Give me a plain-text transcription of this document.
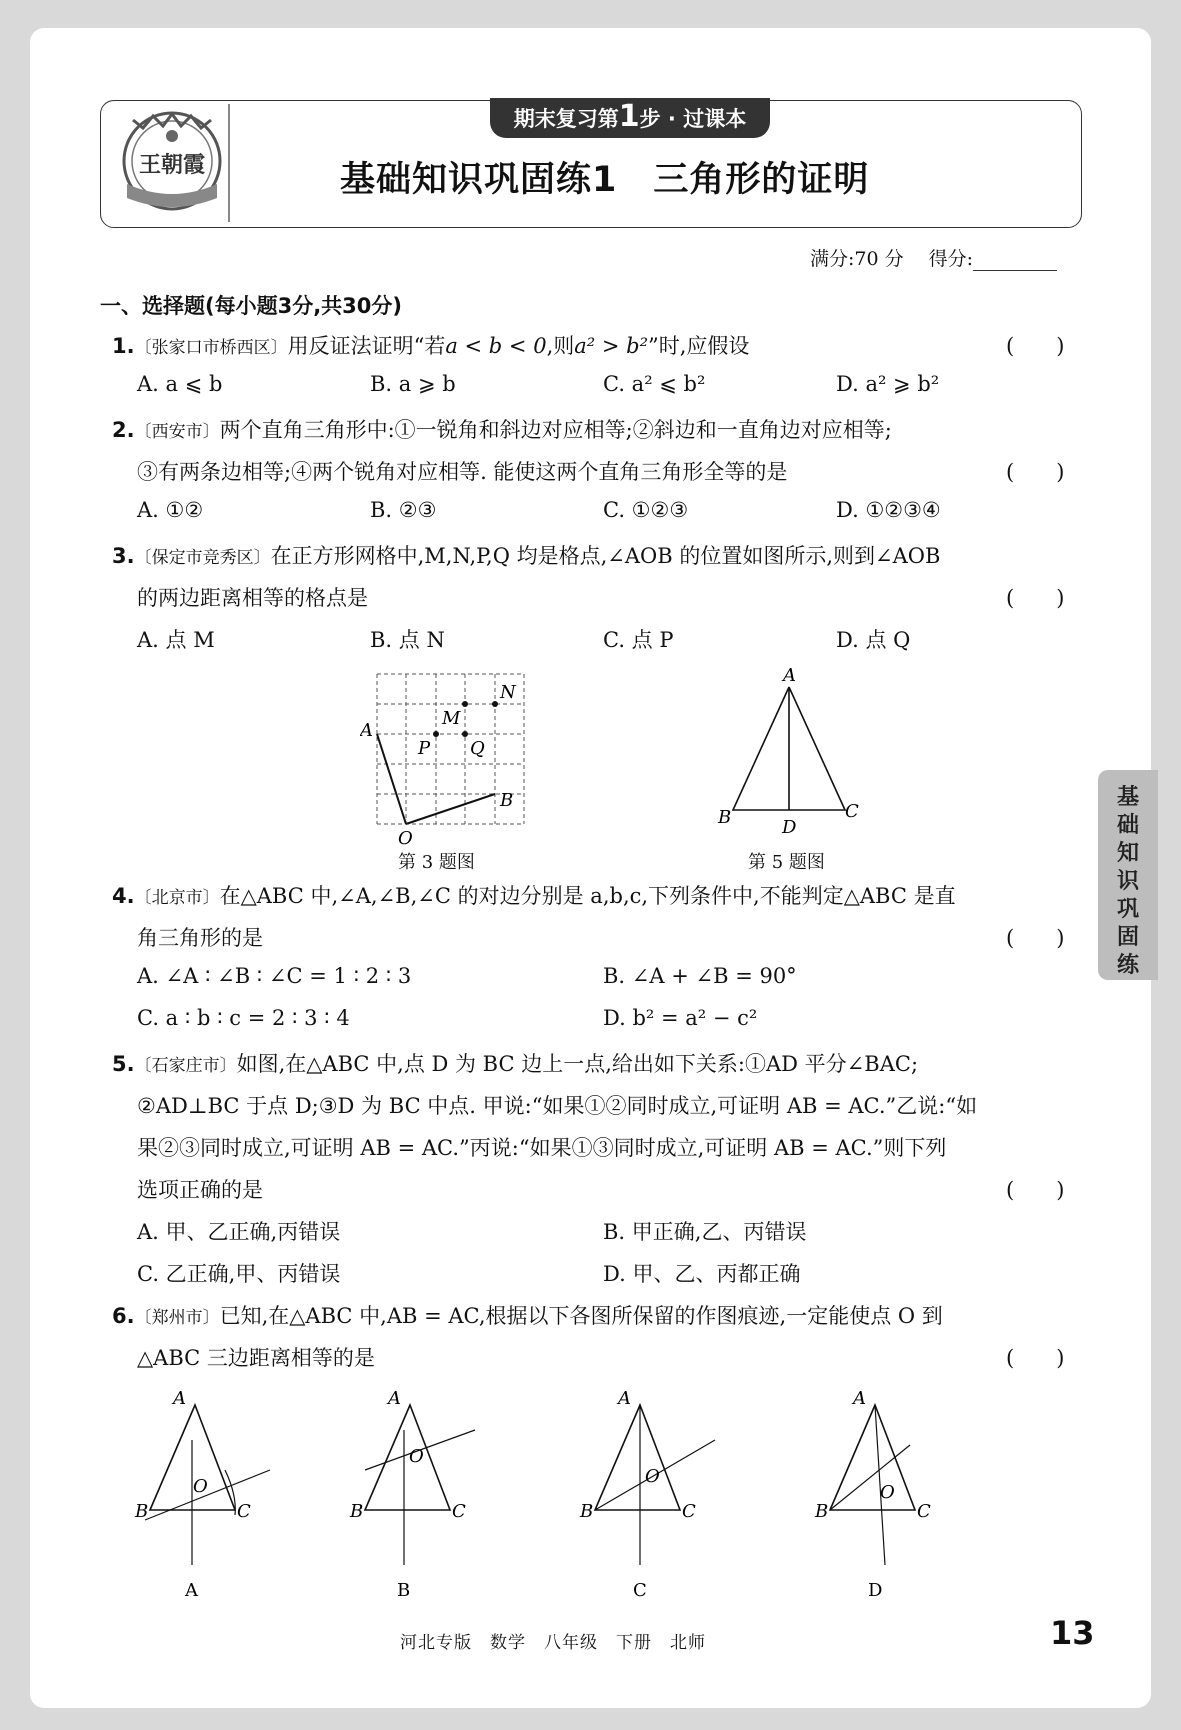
期末复习第1步 · 过课本
王朝霞	基础知识巩固练1　三角形的证明
满分:70 分　 得分:
一、选择题(每小题3分,共30分)
1.〔张家口市桥西区〕用反证法证明“若a < b < 0,则a² > b²”时,应假设	(　　)
A. a ⩽ b	B. a ⩾ b	C. a² ⩽ b²	D. a² ⩾ b²
2.〔西安市〕两个直角三角形中:①一锐角和斜边对应相等;②斜边和一直角边对应相等;
③有两条边相等;④两个锐角对应相等. 能使这两个直角三角形全等的是	(　　)
A. ①②	B. ②③	C. ①②③	D. ①②③④
3.〔保定市竞秀区〕在正方形网格中,M,N,P,Q 均是格点,∠AOB 的位置如图所示,则到∠AOB
的两边距离相等的格点是	(　　)
A. 点 M	B. 点 N	C. 点 P	D. 点 Q
A
B
O
M
N
P Q
第 3 题图
A
B	C
D
第 5 题图
4.〔北京市〕在△ABC 中,∠A,∠B,∠C 的对边分别是 a,b,c,下列条件中,不能判定△ABC 是直
角三角形的是	(　　)
A. ∠A ∶ ∠B ∶ ∠C = 1 ∶ 2 ∶ 3	B. ∠A + ∠B = 90°
C. a ∶ b ∶ c = 2 ∶ 3 ∶ 4	D. b² = a² − c²
5.〔石家庄市〕如图,在△ABC 中,点 D 为 BC 边上一点,给出如下关系:①AD 平分∠BAC;
②AD⊥BC 于点 D;③D 为 BC 中点. 甲说:“如果①②同时成立,可证明 AB = AC.”乙说:“如
果②③同时成立,可证明 AB = AC.”丙说:“如果①③同时成立,可证明 AB = AC.”则下列
选项正确的是	(　　)
A. 甲、乙正确,丙错误	B. 甲正确,乙、丙错误
C. 乙正确,甲、丙错误	D. 甲、乙、丙都正确
6.〔郑州市〕已知,在△ABC 中,AB = AC,根据以下各图所保留的作图痕迹,一定能使点 O 到
△ABC 三边距离相等的是	(　　)
A
B	C
O
A
A
B	C
O
B
A
B	C
O
C
A
B	C
O
D
基
础
知
识
巩
固
练
河北专版　数学　八年级　下册　北师	13
